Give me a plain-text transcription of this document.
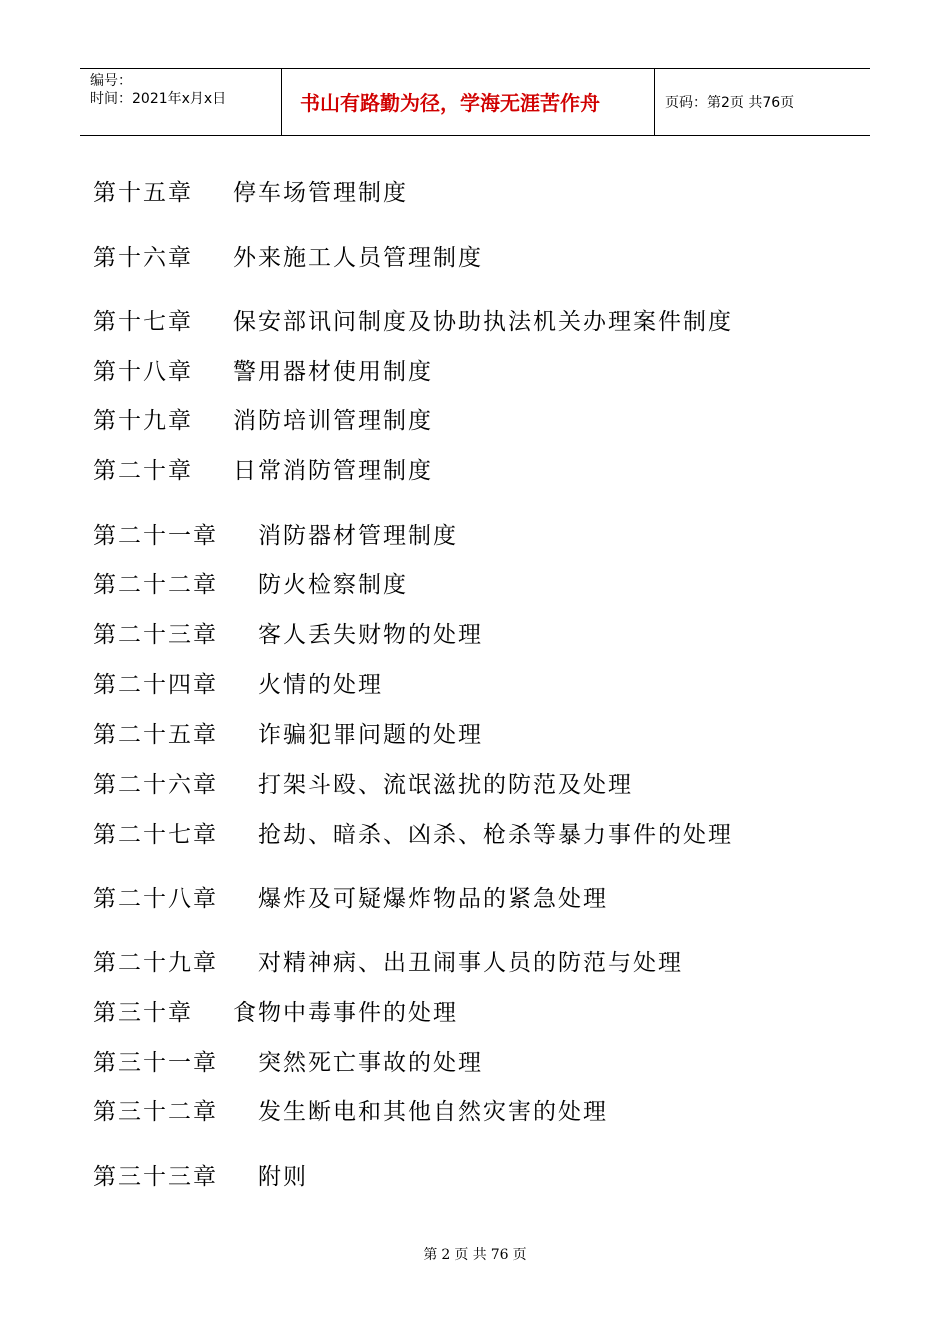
编号：
时间：2021年x月x日	书山有路勤为径，学海无涯苦作舟	页码：第2页 共76页
第十五章 停车场管理制度
第十六章 外来施工人员管理制度
第十七章 保安部讯问制度及协助执法机关办理案件制度
第十八章 警用器材使用制度
第十九章 消防培训管理制度
第二十章 日常消防管理制度
第二十一章 消防器材管理制度
第二十二章 防火检察制度
第二十三章 客人丢失财物的处理
第二十四章 火情的处理
第二十五章 诈骗犯罪问题的处理
第二十六章 打架斗殴、流氓滋扰的防范及处理
第二十七章 抢劫、暗杀、凶杀、枪杀等暴力事件的处理
第二十八章 爆炸及可疑爆炸物品的紧急处理
第二十九章 对精神病、出丑闹事人员的防范与处理
第三十章 食物中毒事件的处理
第三十一章 突然死亡事故的处理
第三十二章 发生断电和其他自然灾害的处理
第三十三章 附则
第 2 页 共 76 页
